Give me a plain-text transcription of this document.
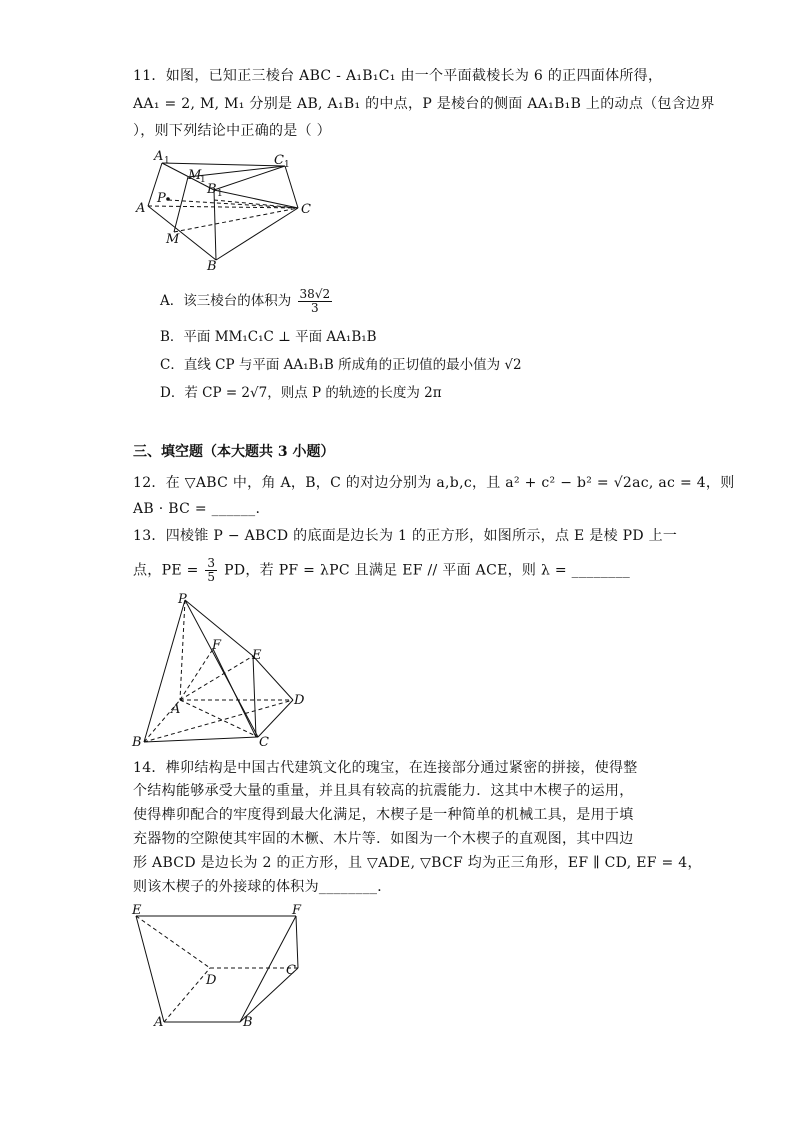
11．如图，已知正三棱台 ABC - A₁B₁C₁ 由一个平面截棱长为 6 的正四面体所得，
AA₁ = 2, M, M₁ 分别是 AB, A₁B₁ 的中点，P 是棱台的侧面 AA₁B₁B 上的动点（包含边界
），则下列结论中正确的是（ ）
A 1
M
1
C 1
B 1
P
A	C
M
B
A．该三棱台的体积为 $\frac{38√2}{3}$
B．平面 MM₁C₁C ⊥ 平面 AA₁B₁B
C．直线 CP 与平面 AA₁B₁B 所成角的正切值的最小值为 √2
D．若 CP = 2√7，则点 P 的轨迹的长度为 2π
三、填空题（本大题共 3 小题）
12．在 ▽ABC 中，角 A，B，C 的对边分别为 a,b,c，且 a² + c² − b² = √2ac, ac = 4，则
AB · BC = ______.
13．四棱锥 P − ABCD 的底面是边长为 1 的正方形，如图所示，点 E 是棱 PD 上一
点，PE = $\frac{3}{5}$ PD，若 PF = λPC 且满足 EF // 平面 ACE，则 λ = ________
P
F
E
A
D
B	C
14．榫卯结构是中国古代建筑文化的瑰宝，在连接部分通过紧密的拼接，使得整
个结构能够承受大量的重量，并且具有较高的抗震能力．这其中木楔子的运用，
使得榫卯配合的牢度得到最大化满足，木楔子是一种简单的机械工具，是用于填
充器物的空隙使其牢固的木橛、木片等．如图为一个木楔子的直观图，其中四边
形 ABCD 是边长为 2 的正方形，且 ▽ADE, ▽BCF 均为正三角形，EF ∥ CD, EF = 4，
则该木楔子的外接球的体积为________．
E	F
D
C
A	B
